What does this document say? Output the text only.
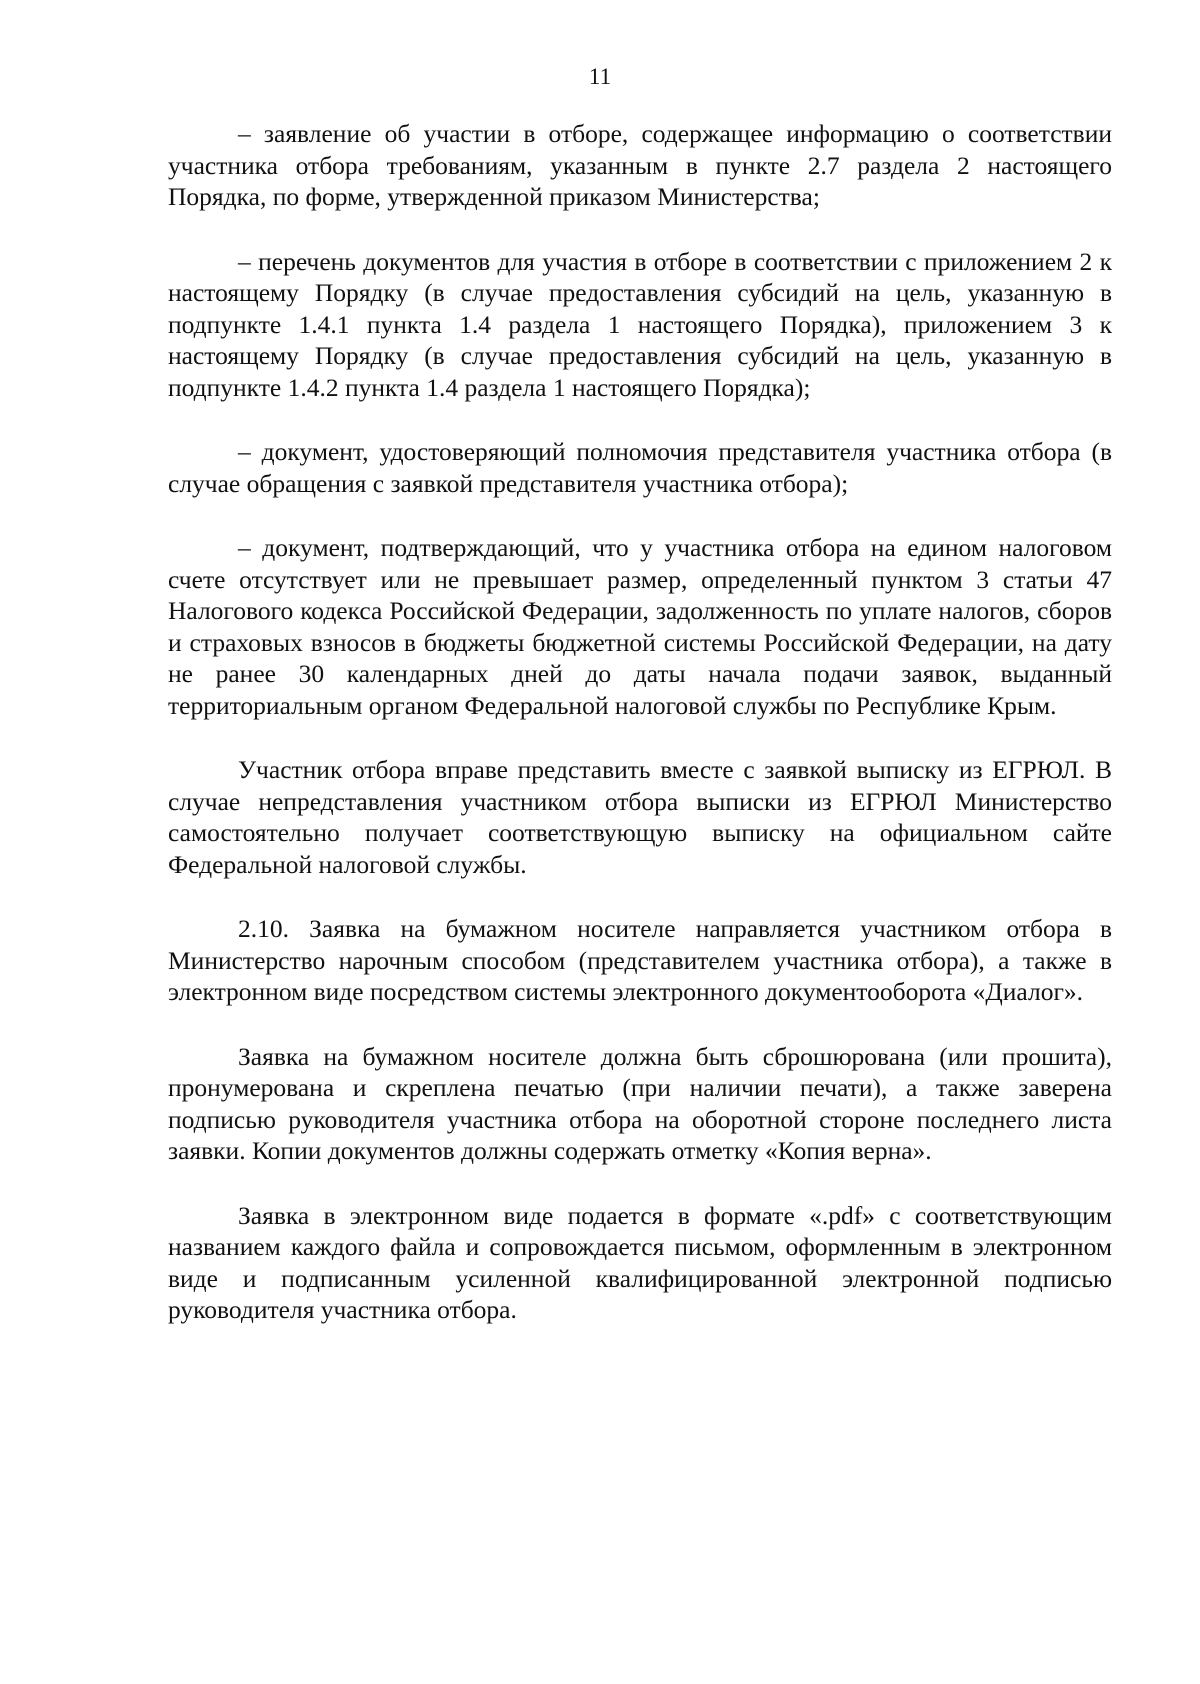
11

– заявление об участии в отборе, содержащее информацию о соответствии участника отбора требованиям, указанным в пункте 2.7 раздела 2 настоящего Порядка, по форме, утвержденной приказом Министерства;

– перечень документов для участия в отборе в соответствии с приложением 2 к настоящему Порядку (в случае предоставления субсидий на цель, указанную в подпункте 1.4.1 пункта 1.4 раздела 1 настоящего Порядка), приложением 3 к настоящему Порядку (в случае предоставления субсидий на цель, указанную в подпункте 1.4.2 пункта 1.4 раздела 1 настоящего Порядка);

– документ, удостоверяющий полномочия представителя участника отбора (в случае обращения с заявкой представителя участника отбора);

– документ, подтверждающий, что у участника отбора на едином налоговом счете отсутствует или не превышает размер, определенный пунктом 3 статьи 47 Налогового кодекса Российской Федерации, задолженность по уплате налогов, сборов и страховых взносов в бюджеты бюджетной системы Российской Федерации, на дату не ранее 30 календарных дней до даты начала подачи заявок, выданный территориальным органом Федеральной налоговой службы по Республике Крым.

Участник отбора вправе представить вместе с заявкой выписку из ЕГРЮЛ. В случае непредставления участником отбора выписки из ЕГРЮЛ Министерство самостоятельно получает соответствующую выписку на официальном сайте Федеральной налоговой службы.

2.10. Заявка на бумажном носителе направляется участником отбора в Министерство нарочным способом (представителем участника отбора), а также в электронном виде посредством системы электронного документооборота «Диалог».

Заявка на бумажном носителе должна быть сброшюрована (или прошита), пронумерована и скреплена печатью (при наличии печати), а также заверена подписью руководителя участника отбора на оборотной стороне последнего листа заявки. Копии документов должны содержать отметку «Копия верна».

Заявка в электронном виде подается в формате «.pdf» с соответствующим названием каждого файла и сопровождается письмом, оформленным в электронном виде и подписанным усиленной квалифицированной электронной подписью руководителя участника отбора.
